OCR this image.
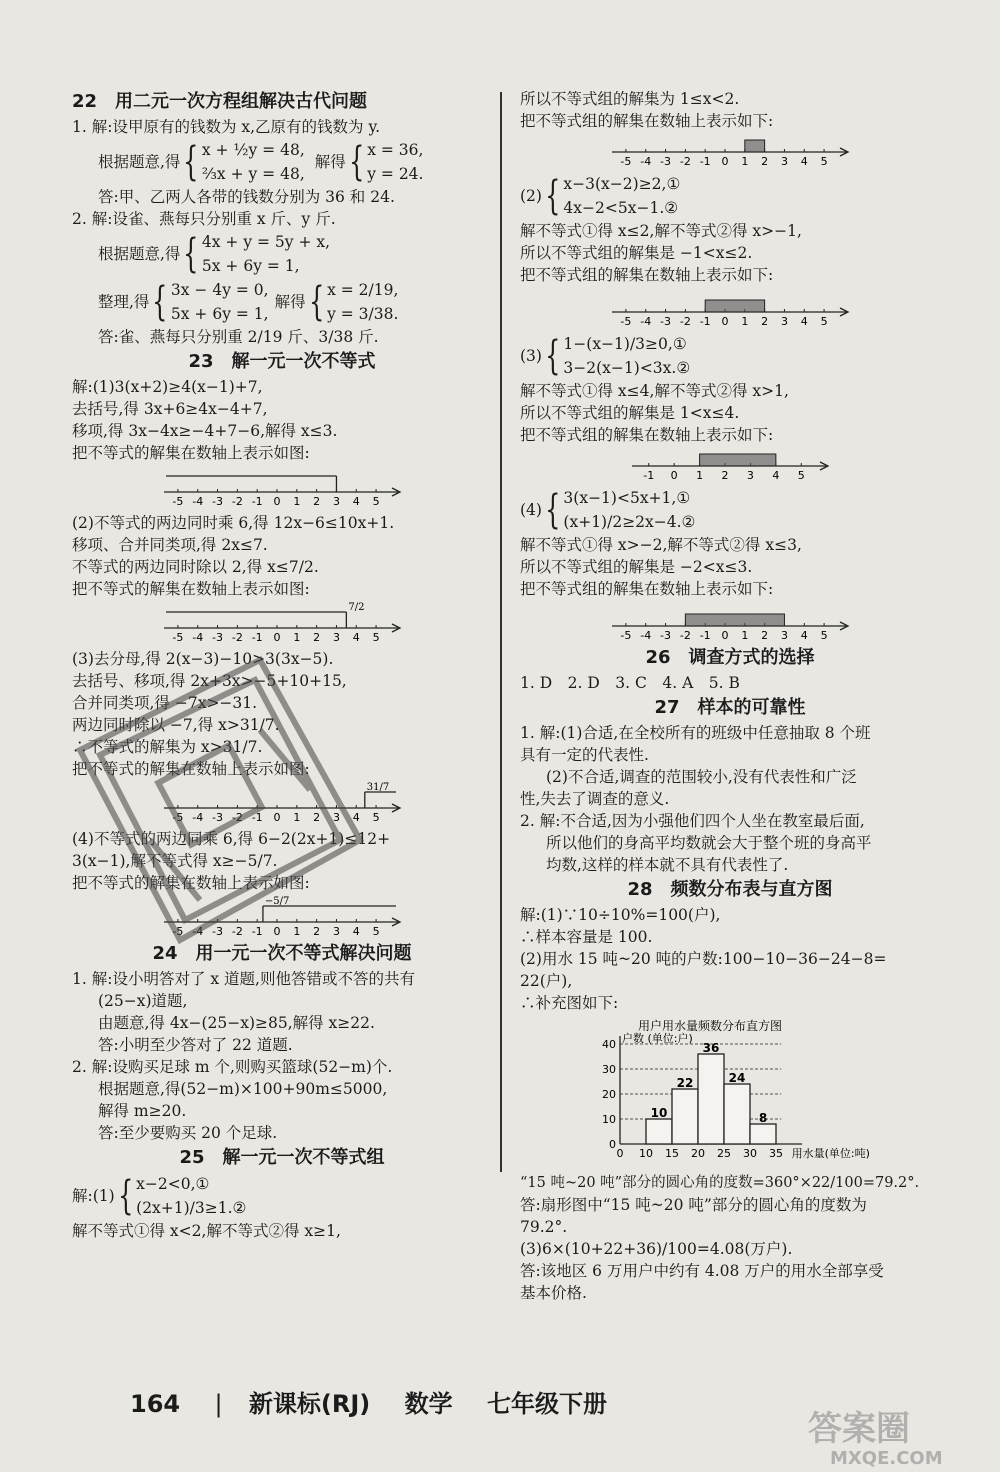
22　用二元一次方程组解决古代问题

1. 解:设甲原有的钱数为 x,乙原有的钱数为 y.

根据题意,得 { x + ½y = 48,
⅔x + y = 48,
解得 { x = 36,
y = 24.

答:甲、乙两人各带的钱数分别为 36 和 24.

2. 解:设雀、燕每只分别重 x 斤、y 斤.

根据题意,得 { 4x + y = 5y + x,
5x + 6y = 1,
整理,得 { 3x − 4y = 0,
5x + 6y = 1,
解得 { x = 2/19,
y = 3/38.

答:雀、燕每只分别重 2/19 斤、3/38 斤.

23　解一元一次不等式

解:(1)3(x+2)≥4(x−1)+7,

去括号,得 3x+6≥4x−4+7,

移项,得 3x−4x≥−4+7−6,解得 x≤3.

把不等式的解集在数轴上表示如图:

-5 -4 -3 -2 -1 0 1 2 3 4 5

(2)不等式的两边同时乘 6,得 12x−6≤10x+1.

移项、合并同类项,得 2x≤7.

不等式的两边同时除以 2,得 x≤7/2.

把不等式的解集在数轴上表示如图:

-5 -4 -3 -2 -1 0 1 2 3 4 5
7/2

(3)去分母,得 2(x−3)−10>3(3x−5).

去括号、移项,得 2x+3x>−5+10+15,

合并同类项,得 −7x>−31.

两边同时除以 −7,得 x>31/7.

∴不等式的解集为 x>31/7.

把不等式的解集在数轴上表示如图:

-5 -4 -3 -2 -1 0 1 2 3 4 5
31/7

(4)不等式的两边同乘 6,得 6−2(2x+1)≤12+

3(x−1),解不等式得 x≥−5/7.

把不等式的解集在数轴上表示如图:

-5 -4 -3 -2 -1 0 1 2 3 4 5
−5/7
24　用一元一次不等式解决问题

1. 解:设小明答对了 x 道题,则他答错或不答的共有

(25−x)道题,

由题意,得 4x−(25−x)≥85,解得 x≥22.

答:小明至少答对了 22 道题.

2. 解:设购买足球 m 个,则购买篮球(52−m)个.

根据题意,得(52−m)×100+90m≤5000,

解得 m≥20.

答:至少要购买 20 个足球.

25　解一元一次不等式组
解:(1) { x−2<0,①
(2x+1)/3≥1.②

解不等式①得 x<2,解不等式②得 x≥1,

所以不等式组的解集为 1≤x<2.

把不等式组的解集在数轴上表示如下:

-5 -4 -3 -2 -1 0 1 2 3 4 5
(2) { x−3(x−2)≥2,①
4x−2<5x−1.②

解不等式①得 x≤2,解不等式②得 x>−1,

所以不等式组的解集是 −1<x≤2.

把不等式组的解集在数轴上表示如下:

-5 -4 -3 -2 -1 0 1 2 3 4 5
(3) { 1−(x−1)/3≥0,①
3−2(x−1)<3x.②

解不等式①得 x≤4,解不等式②得 x>1,

所以不等式组的解集是 1<x≤4.

把不等式组的解集在数轴上表示如下:

-1 0 1 2 3 4 5
(4) { 3(x−1)<5x+1,①
(x+1)/2≥2x−4.②

解不等式①得 x>−2,解不等式②得 x≤3,

所以不等式组的解集是 −2<x≤3.

把不等式组的解集在数轴上表示如下:

-5 -4 -3 -2 -1 0 1 2 3 4 5
26　调查方式的选择

1. D　2. D　3. C　4. A　5. B

27　样本的可靠性

1. 解:(1)合适,在全校所有的班级中任意抽取 8 个班

具有一定的代表性.

(2)不合适,调查的范围较小,没有代表性和广泛

性,失去了调查的意义.

2. 解:不合适,因为小强他们四个人坐在教室最后面,

所以他们的身高平均数就会大于整个班的身高平

均数,这样的样本就不具有代表性了.

28　频数分布表与直方图

解:(1)∵10÷10%=100(户),

∴样本容量是 100.

(2)用水 15 吨~20 吨的户数:100−10−36−24−8=

22(户),

∴补充图如下:

用户用水量频数分布直方图
户数 (单位:户)
0
10
20
30
40
0 10 15 20 25 30 35 用水量(单位:吨)
10
22
36
24
8

“15 吨~20 吨”部分的圆心角的度数=360°×22/100=79.2°.

答:扇形图中“15 吨~20 吨”部分的圆心角的度数为

79.2°.

(3)6×(10+22+36)/100=4.08(万户).

答:该地区 6 万用户中约有 4.08 万户的用水全部享受

基本价格.

164 | 新课标(RJ) 数学 七年级下册
答案圈
MXQE.COM
